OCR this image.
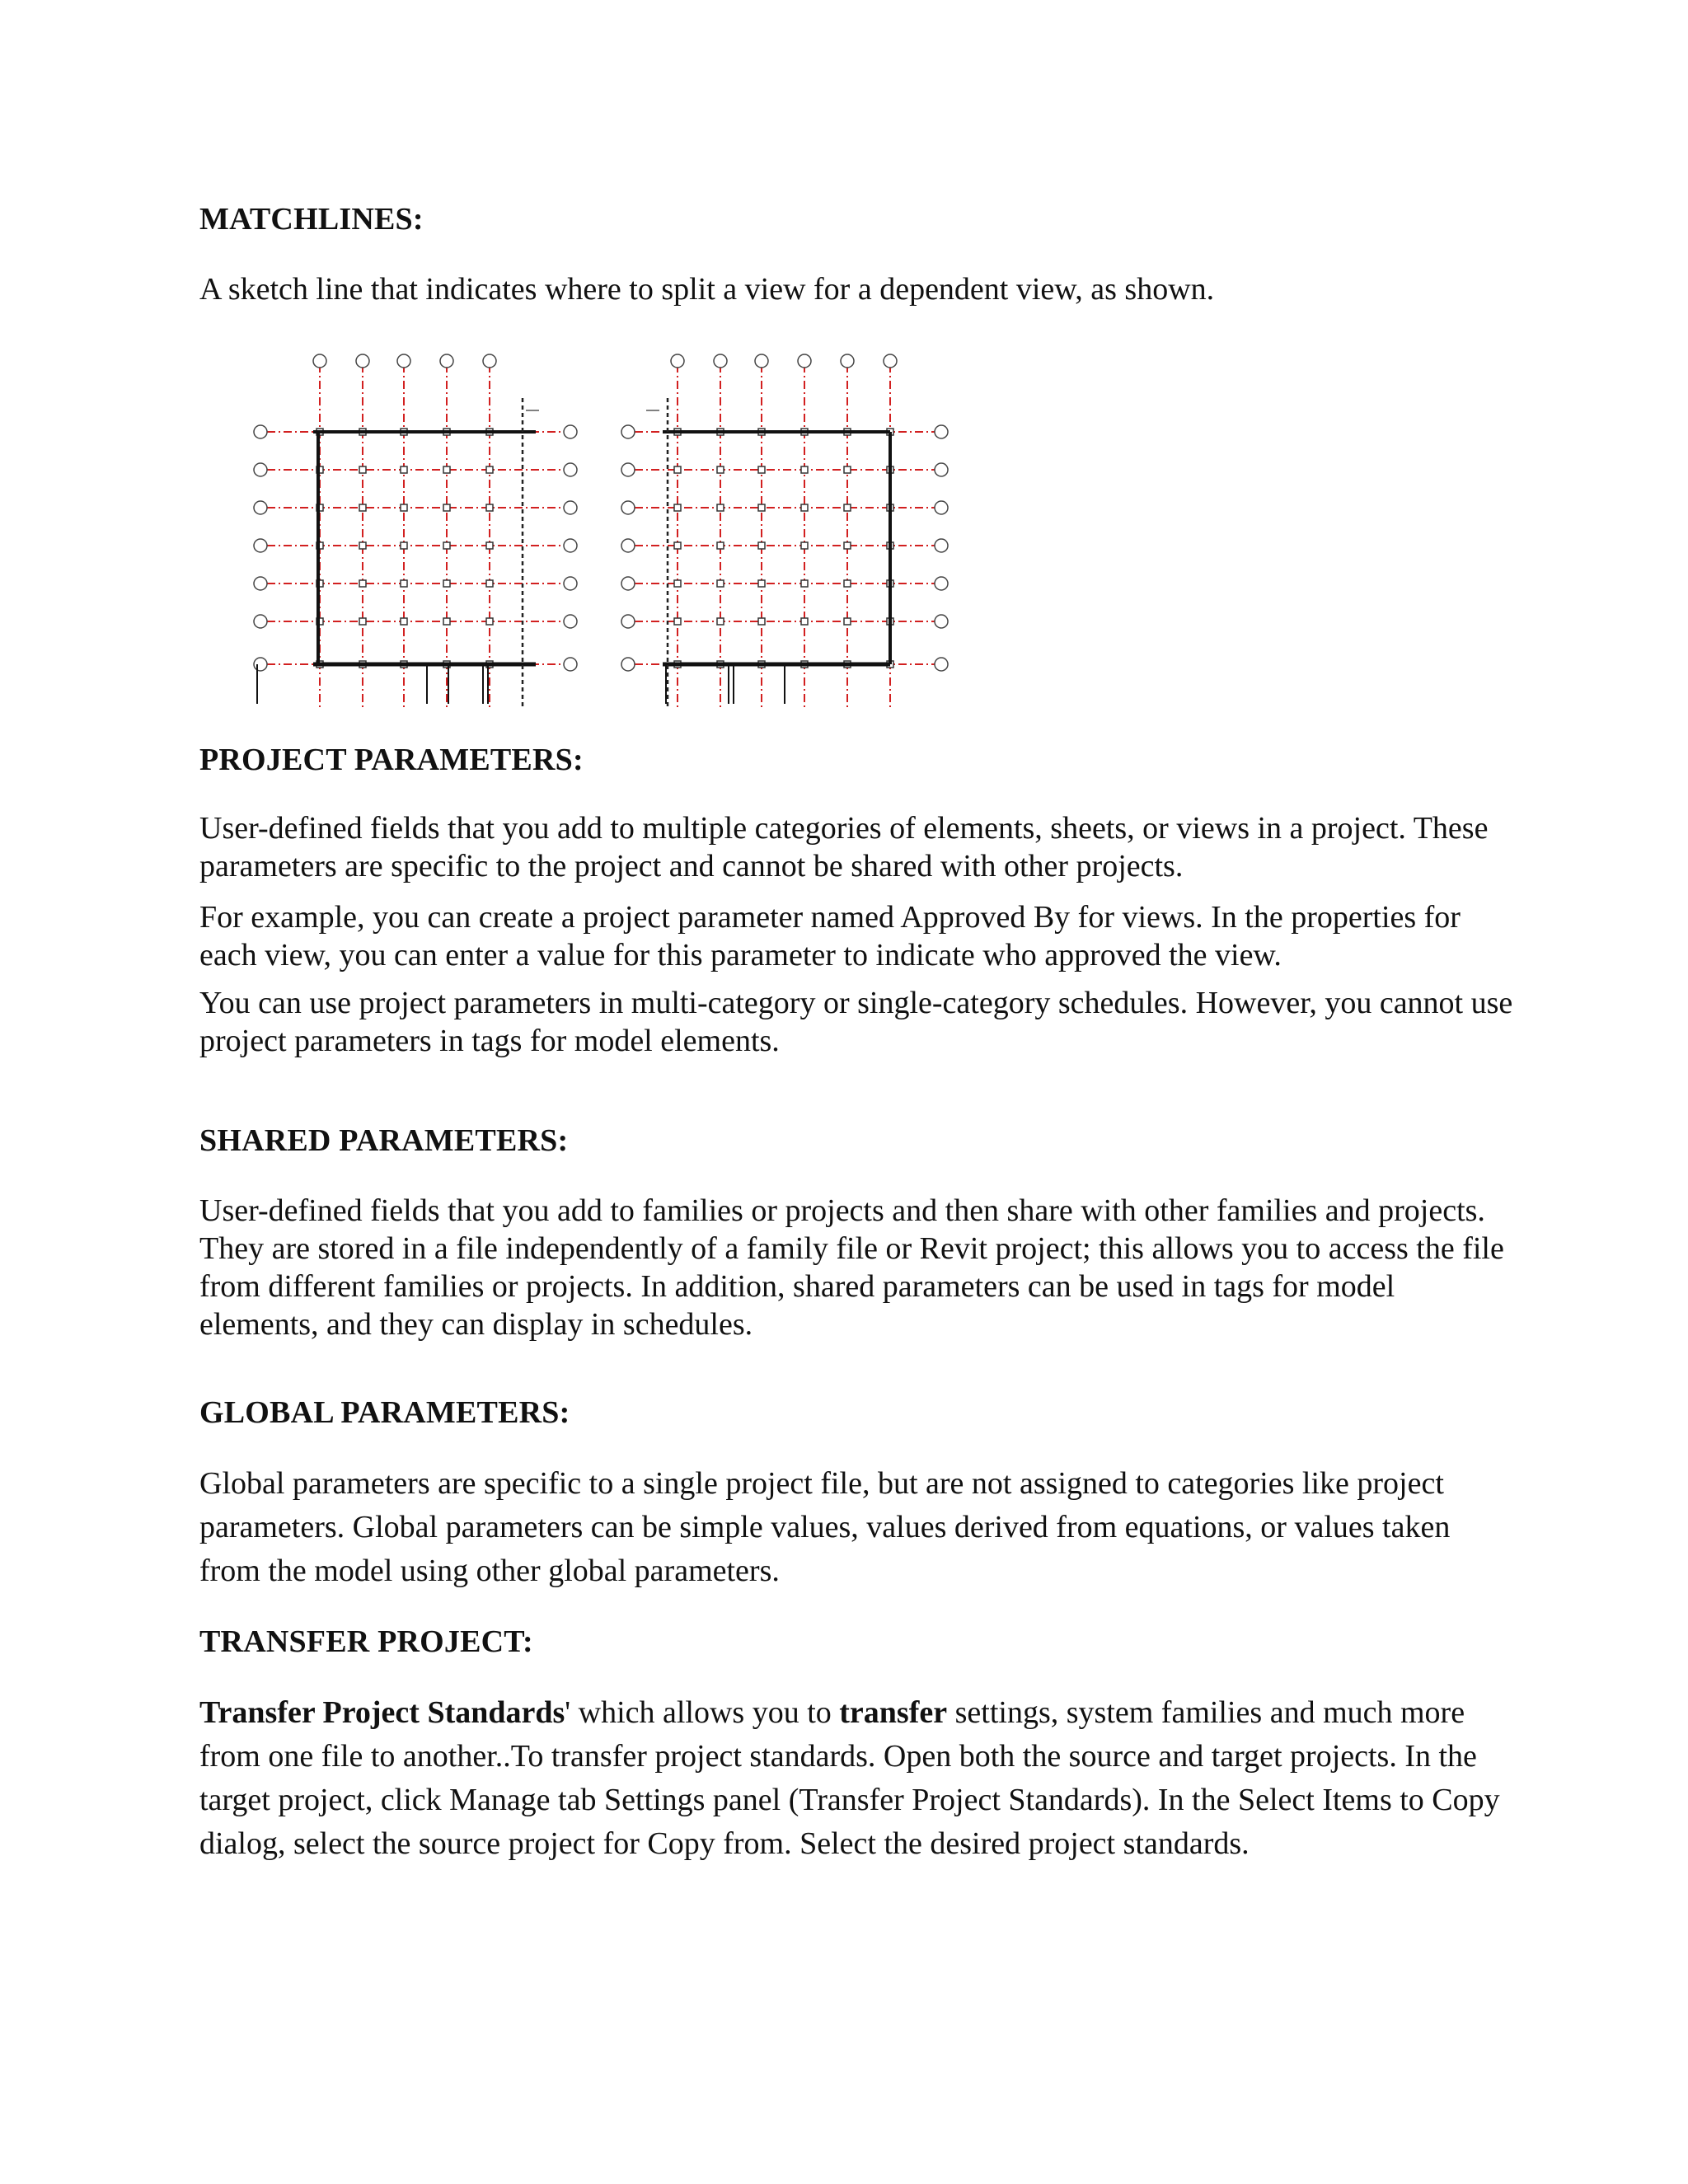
MATCHLINES:

A sketch line that indicates where to split a view for a dependent view, as shown.

PROJECT PARAMETERS:

User-defined fields that you add to multiple categories of elements, sheets, or views in a project. These parameters are specific to the project and cannot be shared with other projects.

For example, you can create a project parameter named Approved By for views. In the properties for each view, you can enter a value for this parameter to indicate who approved the view.

You can use project parameters in multi-category or single-category schedules. However, you cannot use project parameters in tags for model elements.

SHARED PARAMETERS:

User-defined fields that you add to families or projects and then share with other families and projects. They are stored in a file independently of a family file or Revit project; this allows you to access the file from different families or projects. In addition, shared parameters can be used in tags for model elements, and they can display in schedules.

GLOBAL PARAMETERS:

Global parameters are specific to a single project file, but are not assigned to categories like project parameters. Global parameters can be simple values, values derived from equations, or values taken from the model using other global parameters.

TRANSFER PROJECT:

Transfer Project Standards' which allows you to transfer settings, system families and much more from one file to another..To transfer project standards. Open both the source and target projects. In the target project, click Manage tab Settings panel (Transfer Project Standards). In the Select Items to Copy dialog, select the source project for Copy from. Select the desired project standards.
